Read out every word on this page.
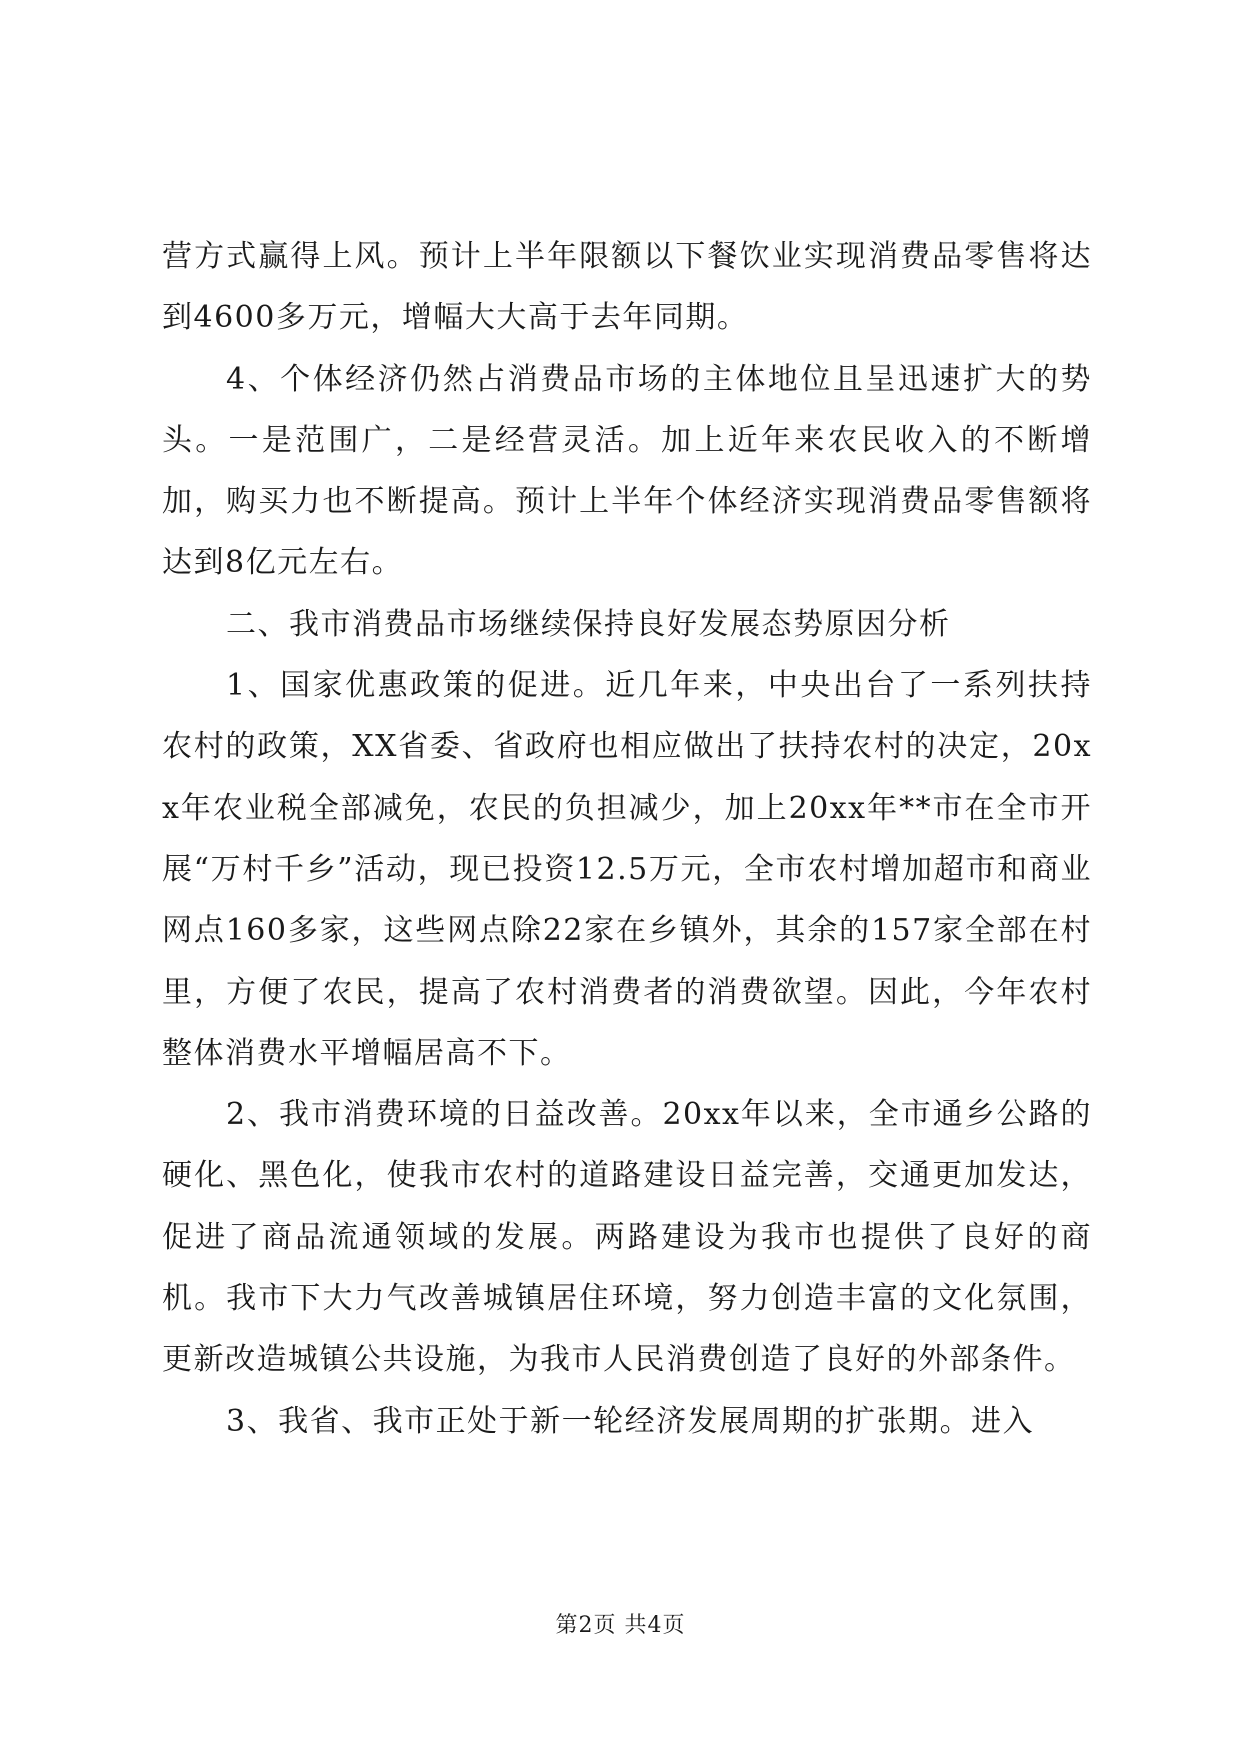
营方式赢得上风。预计上半年限额以下餐饮业实现消费品零售将达到4600多万元，增幅大大高于去年同期。

4、个体经济仍然占消费品市场的主体地位且呈迅速扩大的势头。一是范围广，二是经营灵活。加上近年来农民收入的不断增加，购买力也不断提高。预计上半年个体经济实现消费品零售额将达到8亿元左右。

二、我市消费品市场继续保持良好发展态势原因分析

1、国家优惠政策的促进。近几年来，中央出台了一系列扶持农村的政策，XX省委、省政府也相应做出了扶持农村的决定，20xx年农业税全部减免，农民的负担减少，加上20xx年**市在全市开展“万村千乡”活动，现已投资12.5万元，全市农村增加超市和商业网点160多家，这些网点除22家在乡镇外，其余的157家全部在村里，方便了农民，提高了农村消费者的消费欲望。因此，今年农村整体消费水平增幅居高不下。

2、我市消费环境的日益改善。20xx年以来，全市通乡公路的硬化、黑色化，使我市农村的道路建设日益完善，交通更加发达，促进了商品流通领域的发展。两路建设为我市也提供了良好的商机。我市下大力气改善城镇居住环境，努力创造丰富的文化氛围，更新改造城镇公共设施，为我市人民消费创造了良好的外部条件。

3、我省、我市正处于新一轮经济发展周期的扩张期。进入

第2页 共4页
